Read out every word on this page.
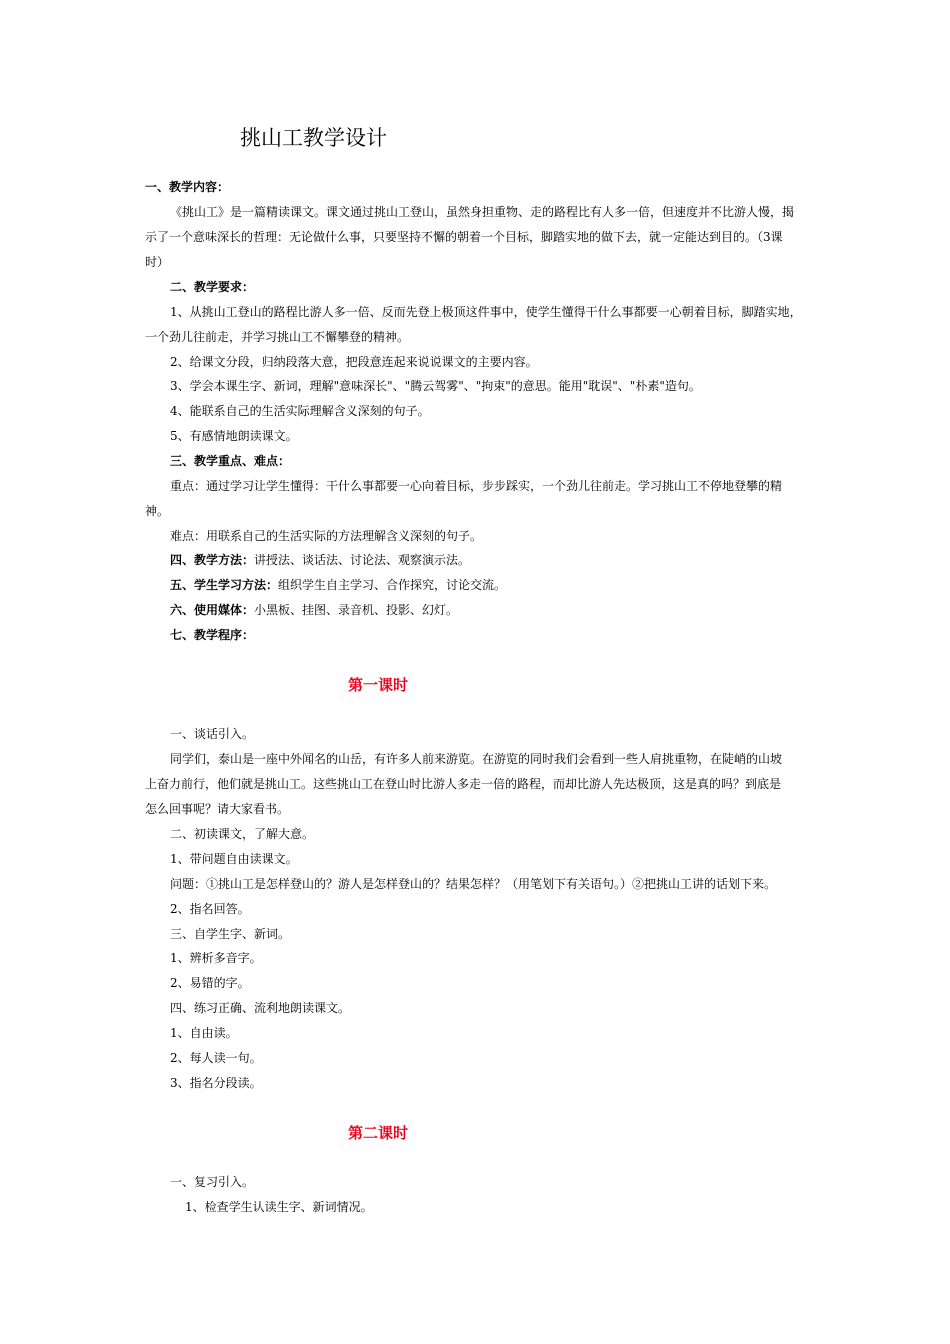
挑山工教学设计
一、教学内容：
《挑山工》是一篇精读课文。课文通过挑山工登山，虽然身担重物、走的路程比有人多一倍，但速度并不比游人慢，揭
示了一个意味深长的哲理：无论做什么事，只要坚持不懈的朝着一个目标，脚踏实地的做下去，就一定能达到目的。（3课
时）
二、教学要求：
1、从挑山工登山的路程比游人多一倍、反而先登上极顶这件事中，使学生懂得干什么事都要一心朝着目标，脚踏实地，
一个劲儿往前走，并学习挑山工不懈攀登的精神。
2、给课文分段，归纳段落大意，把段意连起来说说课文的主要内容。
3、学会本课生字、新词，理解"意味深长"、"腾云驾雾"、"拘束"的意思。能用"耽误"、"朴素"造句。
4、能联系自己的生活实际理解含义深刻的句子。
5、有感情地朗读课文。
三、教学重点、难点：
重点：通过学习让学生懂得：干什么事都要一心向着目标，步步踩实，一个劲儿往前走。学习挑山工不停地登攀的精
神。
难点：用联系自己的生活实际的方法理解含义深刻的句子。
四、教学方法：讲授法、谈话法、讨论法、观察演示法。
五、学生学习方法：组织学生自主学习、合作探究，讨论交流。
六、使用媒体：小黑板、挂图、录音机、投影、幻灯。
七、教学程序：
第一课时
一、谈话引入。
同学们，泰山是一座中外闻名的山岳，有许多人前来游览。在游览的同时我们会看到一些人肩挑重物，在陡峭的山坡
上奋力前行，他们就是挑山工。这些挑山工在登山时比游人多走一倍的路程，而却比游人先达极顶，这是真的吗？到底是
怎么回事呢？请大家看书。
二、初读课文，了解大意。
1、带问题自由读课文。
问题：①挑山工是怎样登山的？游人是怎样登山的？结果怎样？（用笔划下有关语句。）②把挑山工讲的话划下来。
2、指名回答。
三、自学生字、新词。
1、辨析多音字。
2、易错的字。
四、练习正确、流利地朗读课文。
1、自由读。
2、每人读一句。
3、指名分段读。
第二课时
一、复习引入。
1、检查学生认读生字、新词情况。
